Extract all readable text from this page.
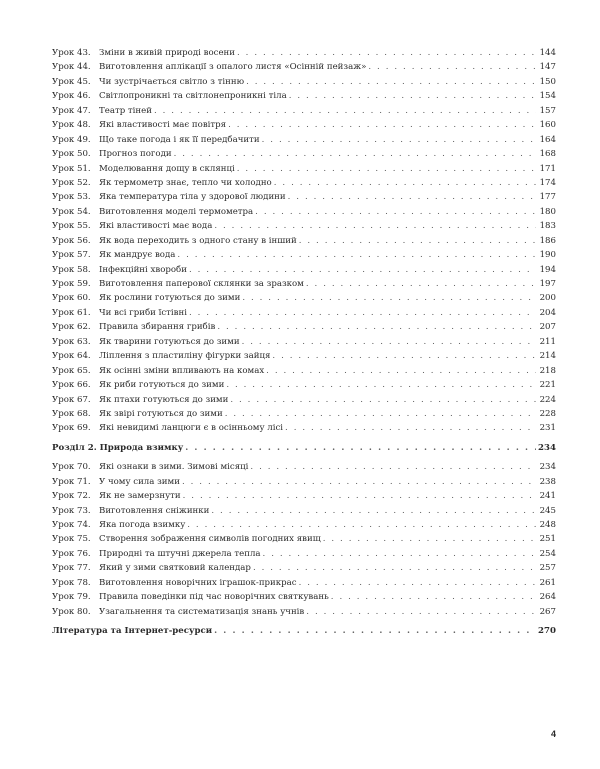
Урок 43. Зміни в живій природі восени . . .	144
Урок 44. Виготовлення аплікації з опалого листя «Осінній пейзаж» . . .	147
Урок 45. Чи зустрічається світло з тінню . . .	150
Урок 46. Світлопроникні та світлонепроникні тіла . . .	154
Урок 47. Театр тіней . . .	157
Урок 48. Які властивості має повітря . . .	160
Урок 49. Що таке погода і як її передбачити . . .	164
Урок 50. Прогноз погоди . . .	168
Урок 51. Моделювання дощу в склянці . . .	171
Урок 52. Як термометр знає, тепло чи холодно . . .	174
Урок 53. Яка температура тіла у здорової людини . . .	177
Урок 54. Виготовлення моделі термометра . . .	180
Урок 55. Які властивості має вода . . .	183
Урок 56. Як вода переходить з одного стану в інший . . .	186
Урок 57. Як мандрує вода . . .	190
Урок 58. Інфекційні хвороби . . .	194
Урок 59. Виготовлення паперової склянки за зразком . . .	197
Урок 60. Як рослини готуються до зими . . .	200
Урок 61. Чи всі гриби їстівні . . .	204
Урок 62. Правила збирання грибів . . .	207
Урок 63. Як тварини готуються до зими . . .	211
Урок 64. Ліплення з пластиліну фігурки зайця . . .	214
Урок 65. Як осінні зміни впливають на комах . . .	218
Урок 66. Як риби готуються до зими . . .	221
Урок 67. Як птахи готуються до зими . . .	224
Урок 68. Як звірі готуються до зими . . .	228
Урок 69. Які невидимі ланцюги є в осінньому лісі . . .	231
Розділ 2. Природа взимку . . .	234
Урок 70. Які ознаки в зими. Зимові місяці . . .	234
Урок 71. У чому сила зими . . .	238
Урок 72. Як не замерзнути . . .	241
Урок 73. Виготовлення сніжинки . . .	245
Урок 74. Яка погода взимку . . .	248
Урок 75. Створення зображення символів погодних явищ . . .	251
Урок 76. Природні та штучні джерела тепла . . .	254
Урок 77. Який у зими святковий календар . . .	257
Урок 78. Виготовлення новорічних іграшок-прикрас . . .	261
Урок 79. Правила поведінки під час новорічних святкувань . . .	264
Урок 80. Узагальнення та систематизація знань учнів . . .	267
Література та Інтернет-ресурси . . .	270
4
